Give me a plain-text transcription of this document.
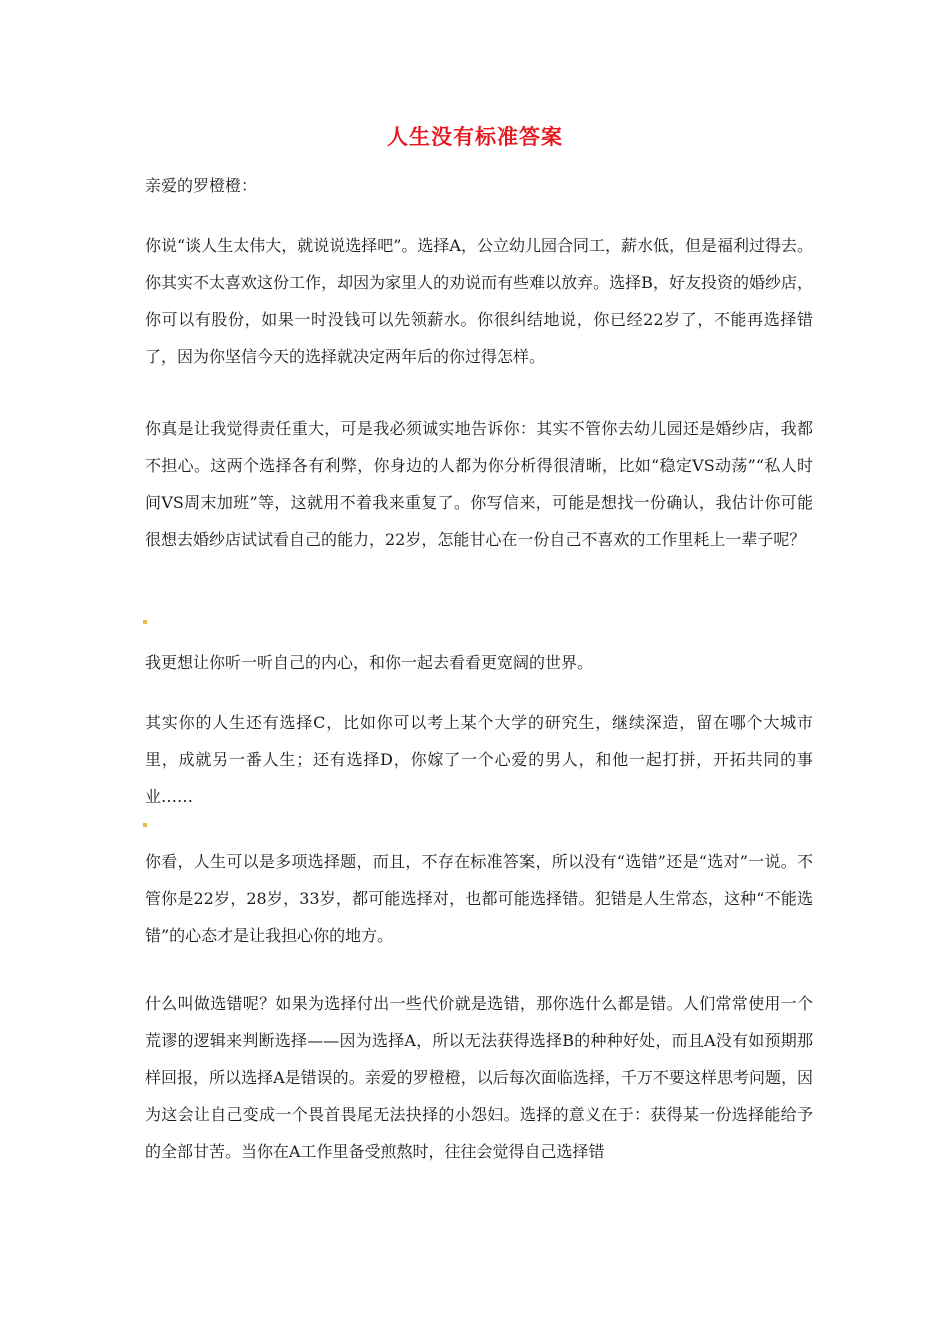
人生没有标准答案
亲爱的罗橙橙：
你说“谈人生太伟大，就说说选择吧”。选择A，公立幼儿园合同工，薪水低，但是福利过得去。你其实不太喜欢这份工作，却因为家里人的劝说而有些难以放弃。选择B，好友投资的婚纱店，你可以有股份，如果一时没钱可以先领薪水。你很纠结地说，你已经22岁了，不能再选择错了，因为你坚信今天的选择就决定两年后的你过得怎样。
你真是让我觉得责任重大，可是我必须诚实地告诉你：其实不管你去幼儿园还是婚纱店，我都不担心。这两个选择各有利弊，你身边的人都为你分析得很清晰，比如“稳定VS动荡”“私人时间VS周末加班”等，这就用不着我来重复了。你写信来，可能是想找一份确认，我估计你可能很想去婚纱店试试看自己的能力，22岁，怎能甘心在一份自己不喜欢的工作里耗上一辈子呢？
我更想让你听一听自己的内心，和你一起去看看更宽阔的世界。
其实你的人生还有选择C，比如你可以考上某个大学的研究生，继续深造，留在哪个大城市里，成就另一番人生；还有选择D，你嫁了一个心爱的男人，和他一起打拼，开拓共同的事业……
你看，人生可以是多项选择题，而且，不存在标准答案，所以没有“选错”还是“选对”一说。不管你是22岁，28岁，33岁，都可能选择对，也都可能选择错。犯错是人生常态，这种“不能选错”的心态才是让我担心你的地方。
什么叫做选错呢？如果为选择付出一些代价就是选错，那你选什么都是错。人们常常使用一个荒谬的逻辑来判断选择——因为选择A，所以无法获得选择B的种种好处，而且A没有如预期那样回报，所以选择A是错误的。亲爱的罗橙橙，以后每次面临选择，千万不要这样思考问题，因为这会让自己变成一个畏首畏尾无法抉择的小怨妇。选择的意义在于：获得某一份选择能给予的全部甘苦。当你在A工作里备受煎熬时，往往会觉得自己选择错
